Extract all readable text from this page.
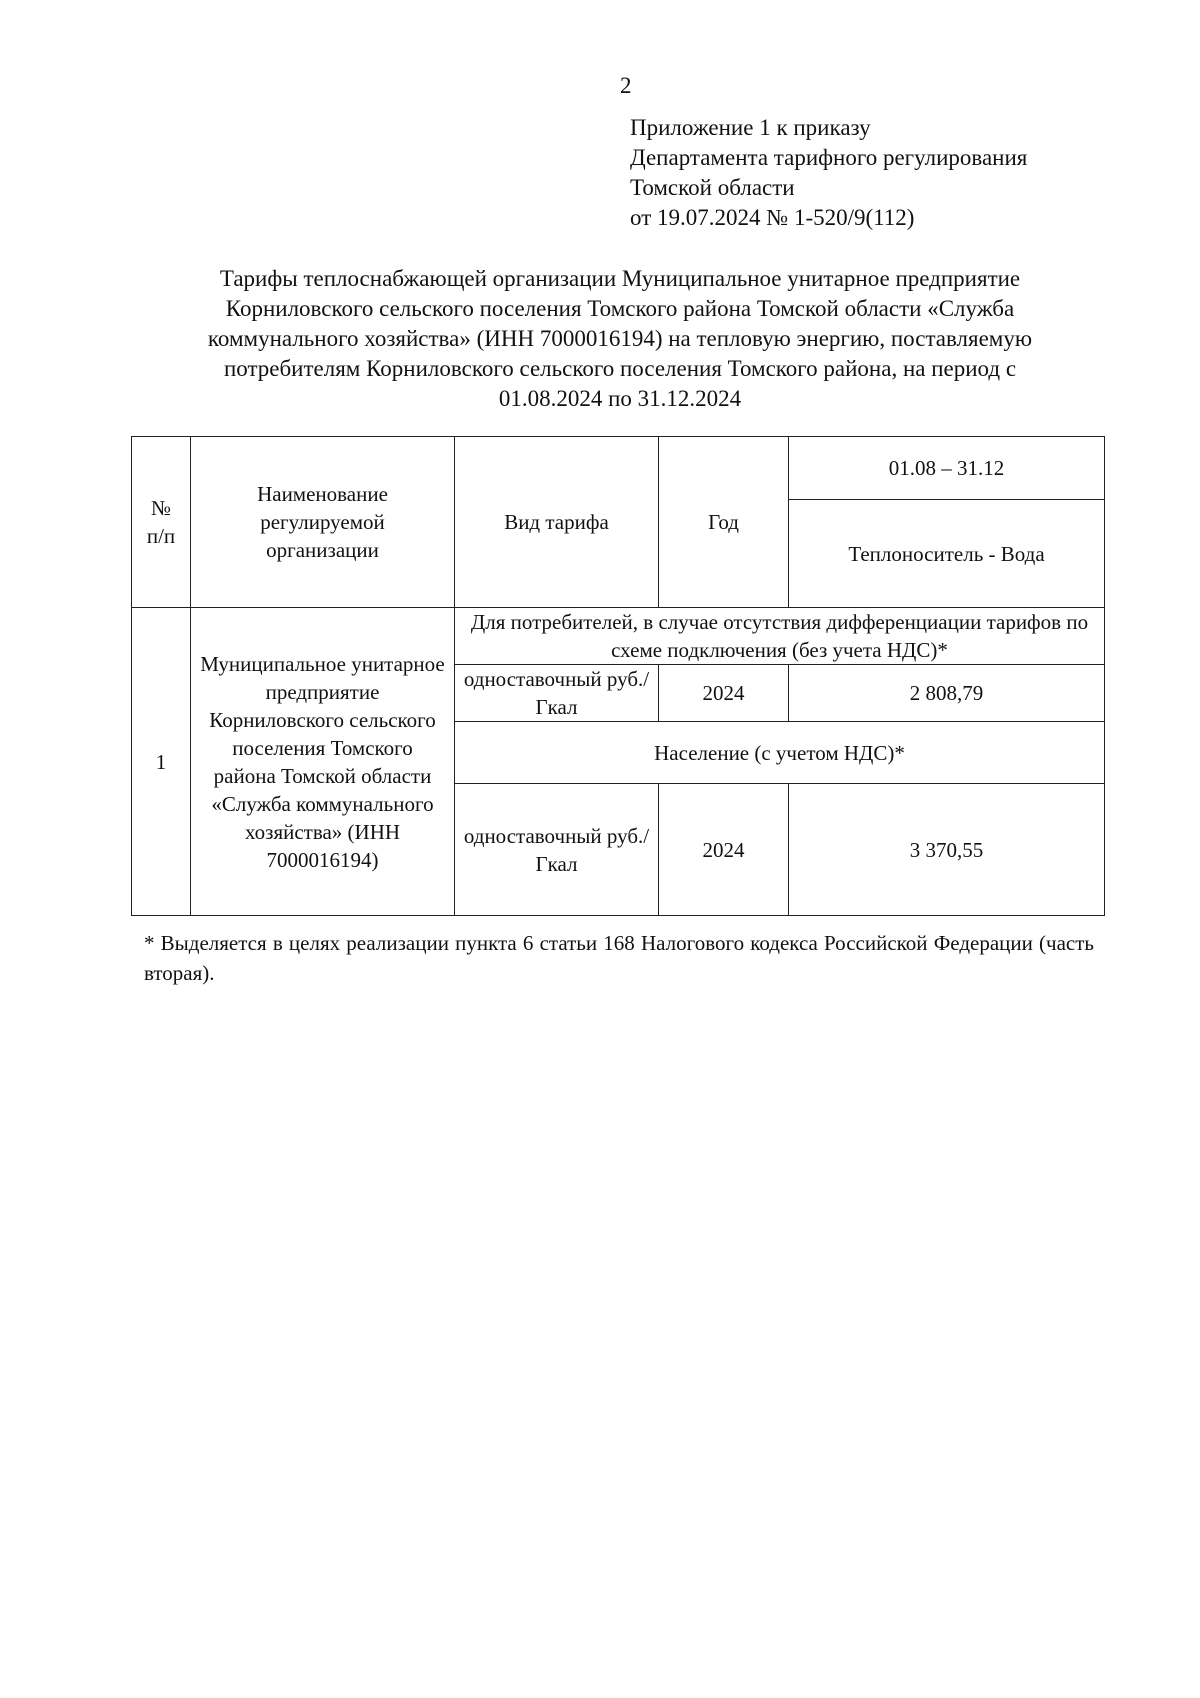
2
Приложение 1 к приказу
Департамента тарифного регулирования
Томской области
от 19.07.2024 № 1-520/9(112)
Тарифы теплоснабжающей организации Муниципальное унитарное предприятие
Корниловского сельского поселения Томского района Томской области «Служба
коммунального хозяйства» (ИНН 7000016194) на тепловую энергию, поставляемую
потребителям Корниловского сельского поселения Томского района, на период с
01.08.2024 по 31.12.2024
№ п/п	Наименование регулируемой организации	Вид тарифа	Год	01.08 – 31.12
				Теплоноситель - Вода
1	Муниципальное унитарное предприятие Корниловского сельского поселения Томского района Томской области «Служба коммунального хозяйства» (ИНН 7000016194)	Для потребителей, в случае отсутствия дифференциации тарифов по схеме подключения (без учета НДС)*		
		одноставочный руб./Гкал	2024	2 808,79
		Население (с учетом НДС)*		
		одноставочный руб./Гкал	2024	3 370,55
* Выделяется в целях реализации пункта 6 статьи 168 Налогового кодекса Российской Федерации (часть вторая).
